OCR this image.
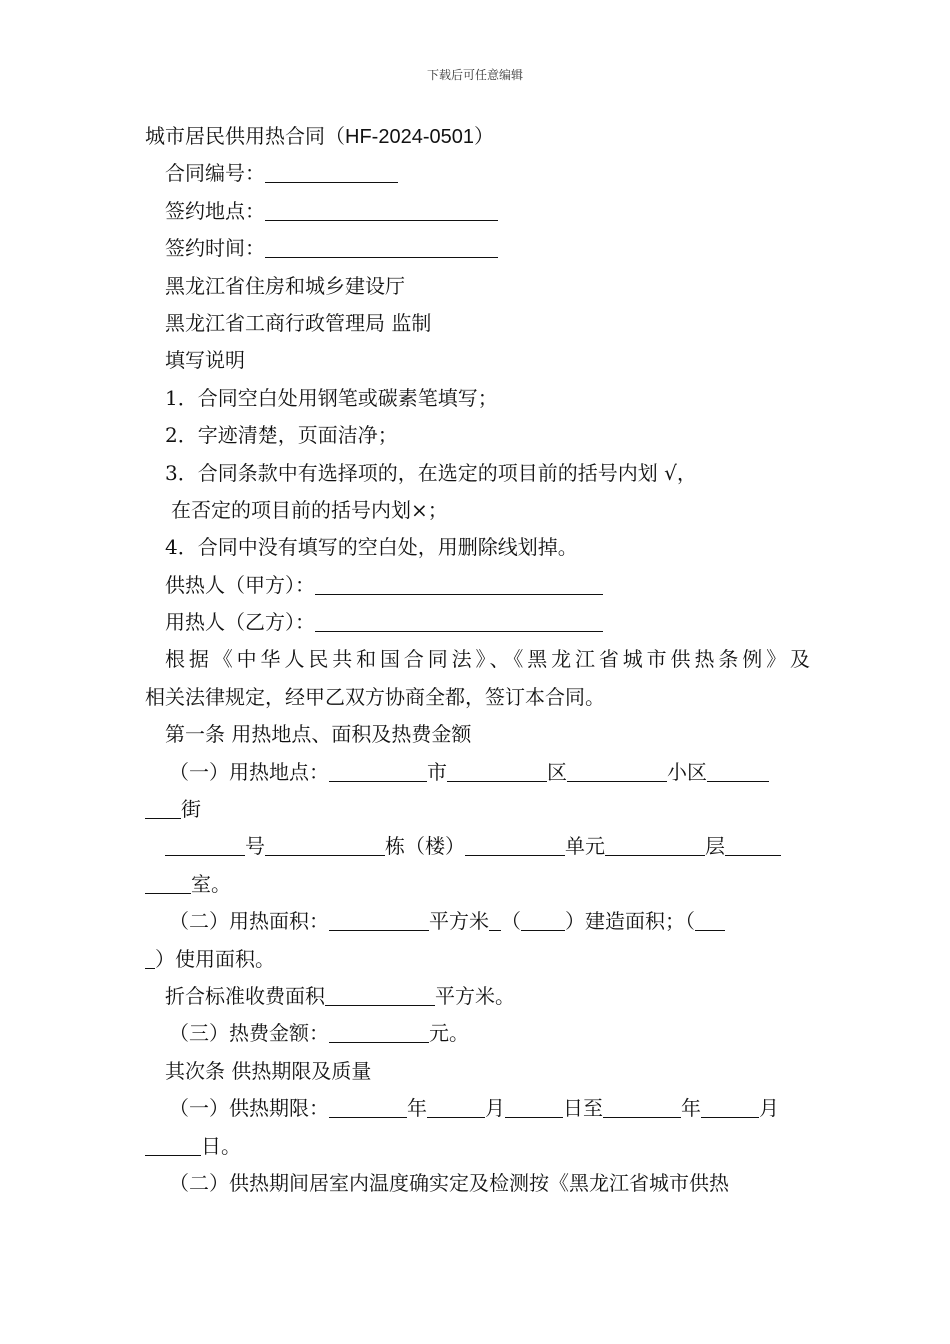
下载后可任意编辑
城市居民供用热合同（HF-2024-0501）
合同编号：
签约地点：
签约时间：
黑龙江省住房和城乡建设厅
黑龙江省工商行政管理局 监制
填写说明
1．合同空白处用钢笔或碳素笔填写；
2．字迹清楚，页面洁净；
3．合同条款中有选择项的，在选定的项目前的括号内划 √，
在否定的项目前的括号内划×；
4．合同中没有填写的空白处，用删除线划掉。
供热人（甲方）：
用热人（乙方）：
根据《中华人民共和国合同法》、《黑龙江省城市供热条例》及
相关法律规定，经甲乙双方协商全都，签订本合同。
第一条 用热地点、面积及热费金额
（一）用热地点：	市	区	小区
街
号	栋（楼）	单元	层
室。
（二）用热面积：	平方米 （ ）建造面积；（
）使用面积。
折合标准收费面积	平方米。
（三）热费金额：	元。
其次条 供热期限及质量
（一）供热期限：	年	月	日至	年	月
日。
（二）供热期间居室内温度确实定及检测按《黑龙江省城市供热
